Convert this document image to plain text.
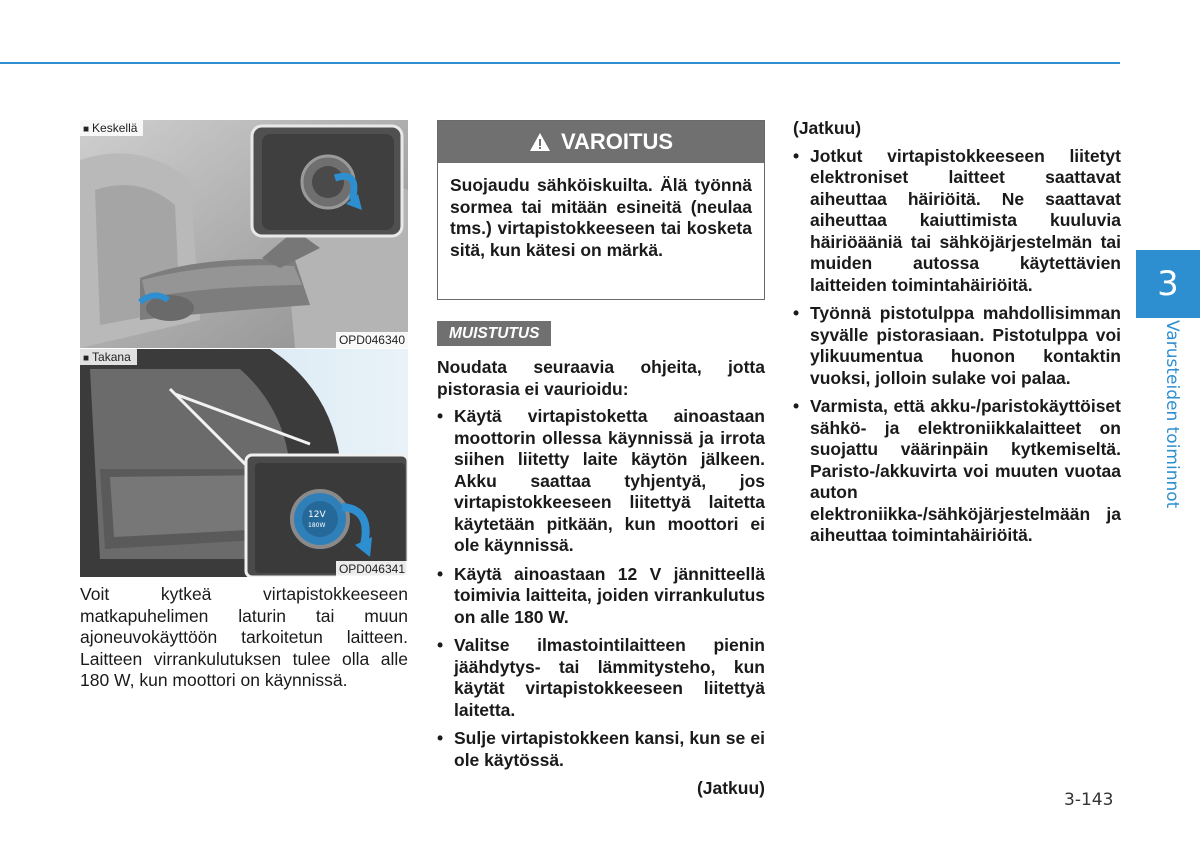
■ Keskellä
OPD046340
12V
180W
■ Takana
OPD046341
Voit kytkeä virtapistokkeeseen matkapuhelimen laturin tai muun ajoneuvokäyttöön tarkoitetun laitteen. Laitteen virrankulutuksen tulee olla alle 180 W, kun moottori on käynnissä.
VAROITUS
Suojaudu sähköiskuilta. Älä työnnä sormea tai mitään esineitä (neulaa tms.) virtapistokkeeseen tai kosketa sitä, kun kätesi on märkä.
MUISTUTUS

Noudata seuraavia ohjeita, jotta pistorasia ei vaurioidu:

• Käytä virtapistoketta ainoastaan moottorin ollessa käynnissä ja irrota siihen liitetty laite käytön jälkeen. Akku saattaa tyhjentyä, jos virtapistokkeeseen liitettyä laitetta käytetään pitkään, kun moottori ei ole käynnissä.
• Käytä ainoastaan 12 V jännitteellä toimivia laitteita, joiden virrankulutus on alle 180 W.
• Valitse ilmastointilaitteen pienin jäähdytys- tai lämmitysteho, kun käytät virtapistokkeeseen liitettyä laitetta.
• Sulje virtapistokkeen kansi, kun se ei ole käytössä.
(Jatkuu)
(Jatkuu)
• Jotkut virtapistokkeeseen liitetyt elektroniset laitteet saattavat aiheuttaa häiriöitä. Ne saattavat aiheuttaa kaiuttimista kuuluvia häiriöääniä tai sähköjärjestelmän tai muiden autossa käytettävien laitteiden toimintahäiriöitä.
• Työnnä pistotulppa mahdollisimman syvälle pistorasiaan. Pistotulppa voi ylikuumentua huonon kontaktin vuoksi, jolloin sulake voi palaa.
• Varmista, että akku-/paristokäyttöiset sähkö- ja elektroniikkalaitteet on suojattu väärinpäin kytkemiseltä. Paristo-/akkuvirta voi muuten vuotaa auton elektroniikka-/sähköjärjestelmään ja aiheuttaa toimintahäiriöitä.
3
Varusteiden toiminnot
3-143
